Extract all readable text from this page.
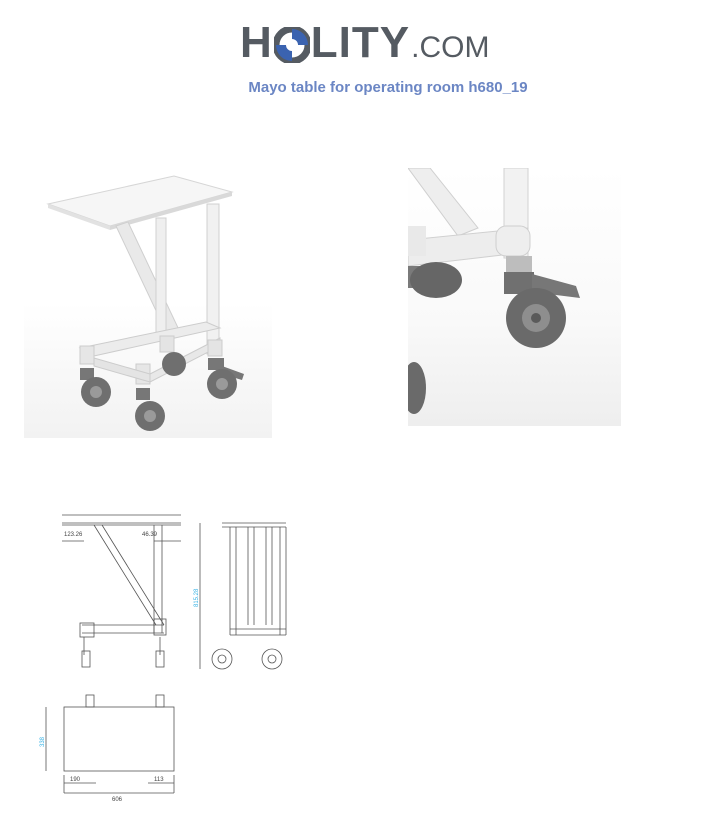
H LITY .COM
Mayo table for operating room h680_19
123.26	46.39
190	113
606
815.28
338
